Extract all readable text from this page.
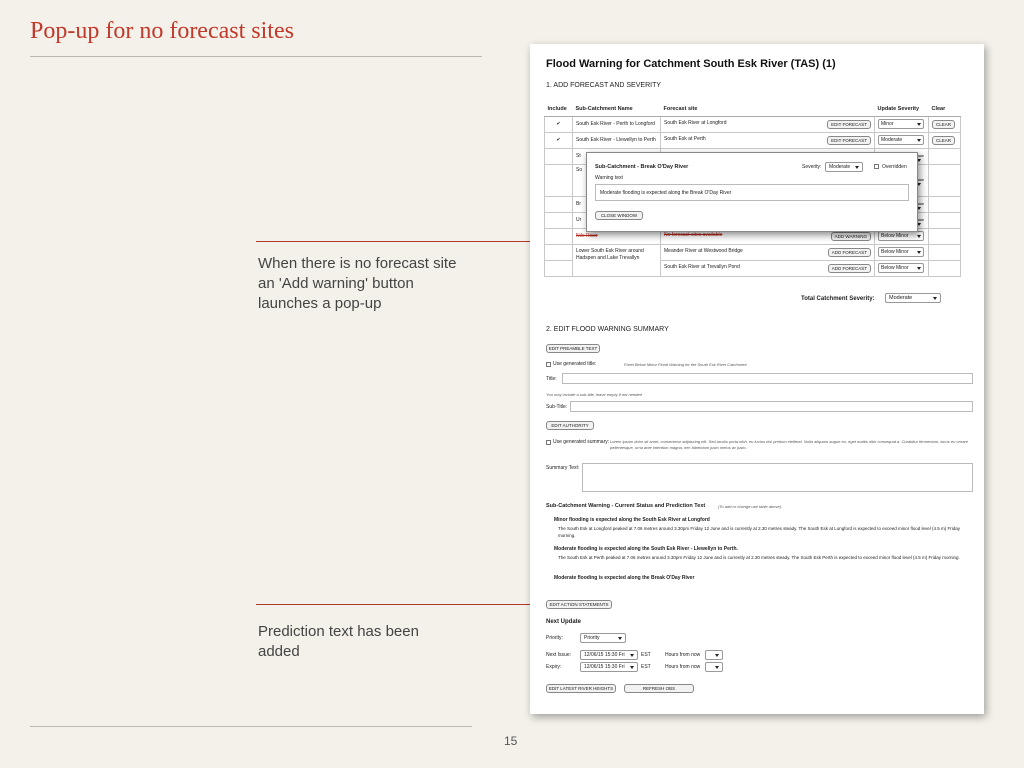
Pop-up for no forecast sites
When there is no forecast site an 'Add warning' button launches a pop-up
Prediction text has been added
15
Flood Warning for Catchment South Esk River (TAS) (1)
1. ADD FORECAST AND SEVERITY
Include	Sub-Catchment Name	Forecast site	Update Severity	Clear
✔	South Esk River - Perth to Longford	South Esk River at Longford EDIT FORECAST	Minor	CLEAR
✔	South Esk River - Llewellyn to Perth	South Esk at Perth EDIT FORECAST	Moderate	CLEAR
	St			
	So			
	Br			
	Ur			
	Nile River	No forecast sites available ADD WARNING	Below Minor	
	Lower South Esk River around Hadspen and Lake Trevallyn	Meander River at Westwood Bridge ADD FORECAST	Below Minor	
		South Esk River at Trevallyn Pond ADD FORECAST	Below Minor	
Total Catchment Severity:	Moderate
Sub-Catchment - Break O'Day River	Severity:	Moderate	Overridden
Warning text
Moderate flooding is expected along the Break O'Day River
CLOSE WINDOW
2. EDIT FLOOD WARNING SUMMARY
EDIT PREAMBLE TEXT
Use generated title:	Fixed Below Minor Flood Warning for the South Esk River Catchment
Title:
You may include a sub-title, leave empty if not needed
Sub-Title:
EDIT AUTHORITY
Use generated summary: Lorem ipsum dolor sit amet, consectetur adipiscing elit. Sed iaculis porta nibh, eu luctus nisl pretium eleifend. Nulla aliquam augue eu, eget mattis nibh consequat a. Curabitur fermentum, lacus eu ornare pellentesque, urna ante interdum magna, nec bibendum justo metus ac justo.
Summary Text:
Sub-Catchment Warning - Current Status and Prediction Text	(To add or change use table above).
Minor flooding is expected along the South Esk River at Longford
The South Esk at Longford peaked at 7.06 metres around 3.30pm Friday 12 June and is currently at 2.30 metres steady. The South Esk at Longford is expected to exceed minor flood level (4.5 m) Friday morning.
Moderate flooding is expected along the South Esk River - Llewellyn to Perth.
The South Esk at Perth peaked at 7.06 metres around 3.30pm Friday 12 June and is currently at 2.30 metres steady. The South Esk Perth is expected to exceed minor flood level (4.5 m) Friday morning.
Moderate flooding is expected along the Break O'Day River
EDIT ACTION STATEMENTS
Next Update
Priority:	Priority
Next Issue:	12/06/15 15:30 Fri	EST	Hours from now
Expiry:	12/06/15 15:30 Fri	EST	Hours from now
EDIT LATEST RIVER HEIGHTS	REFRESH OBS
